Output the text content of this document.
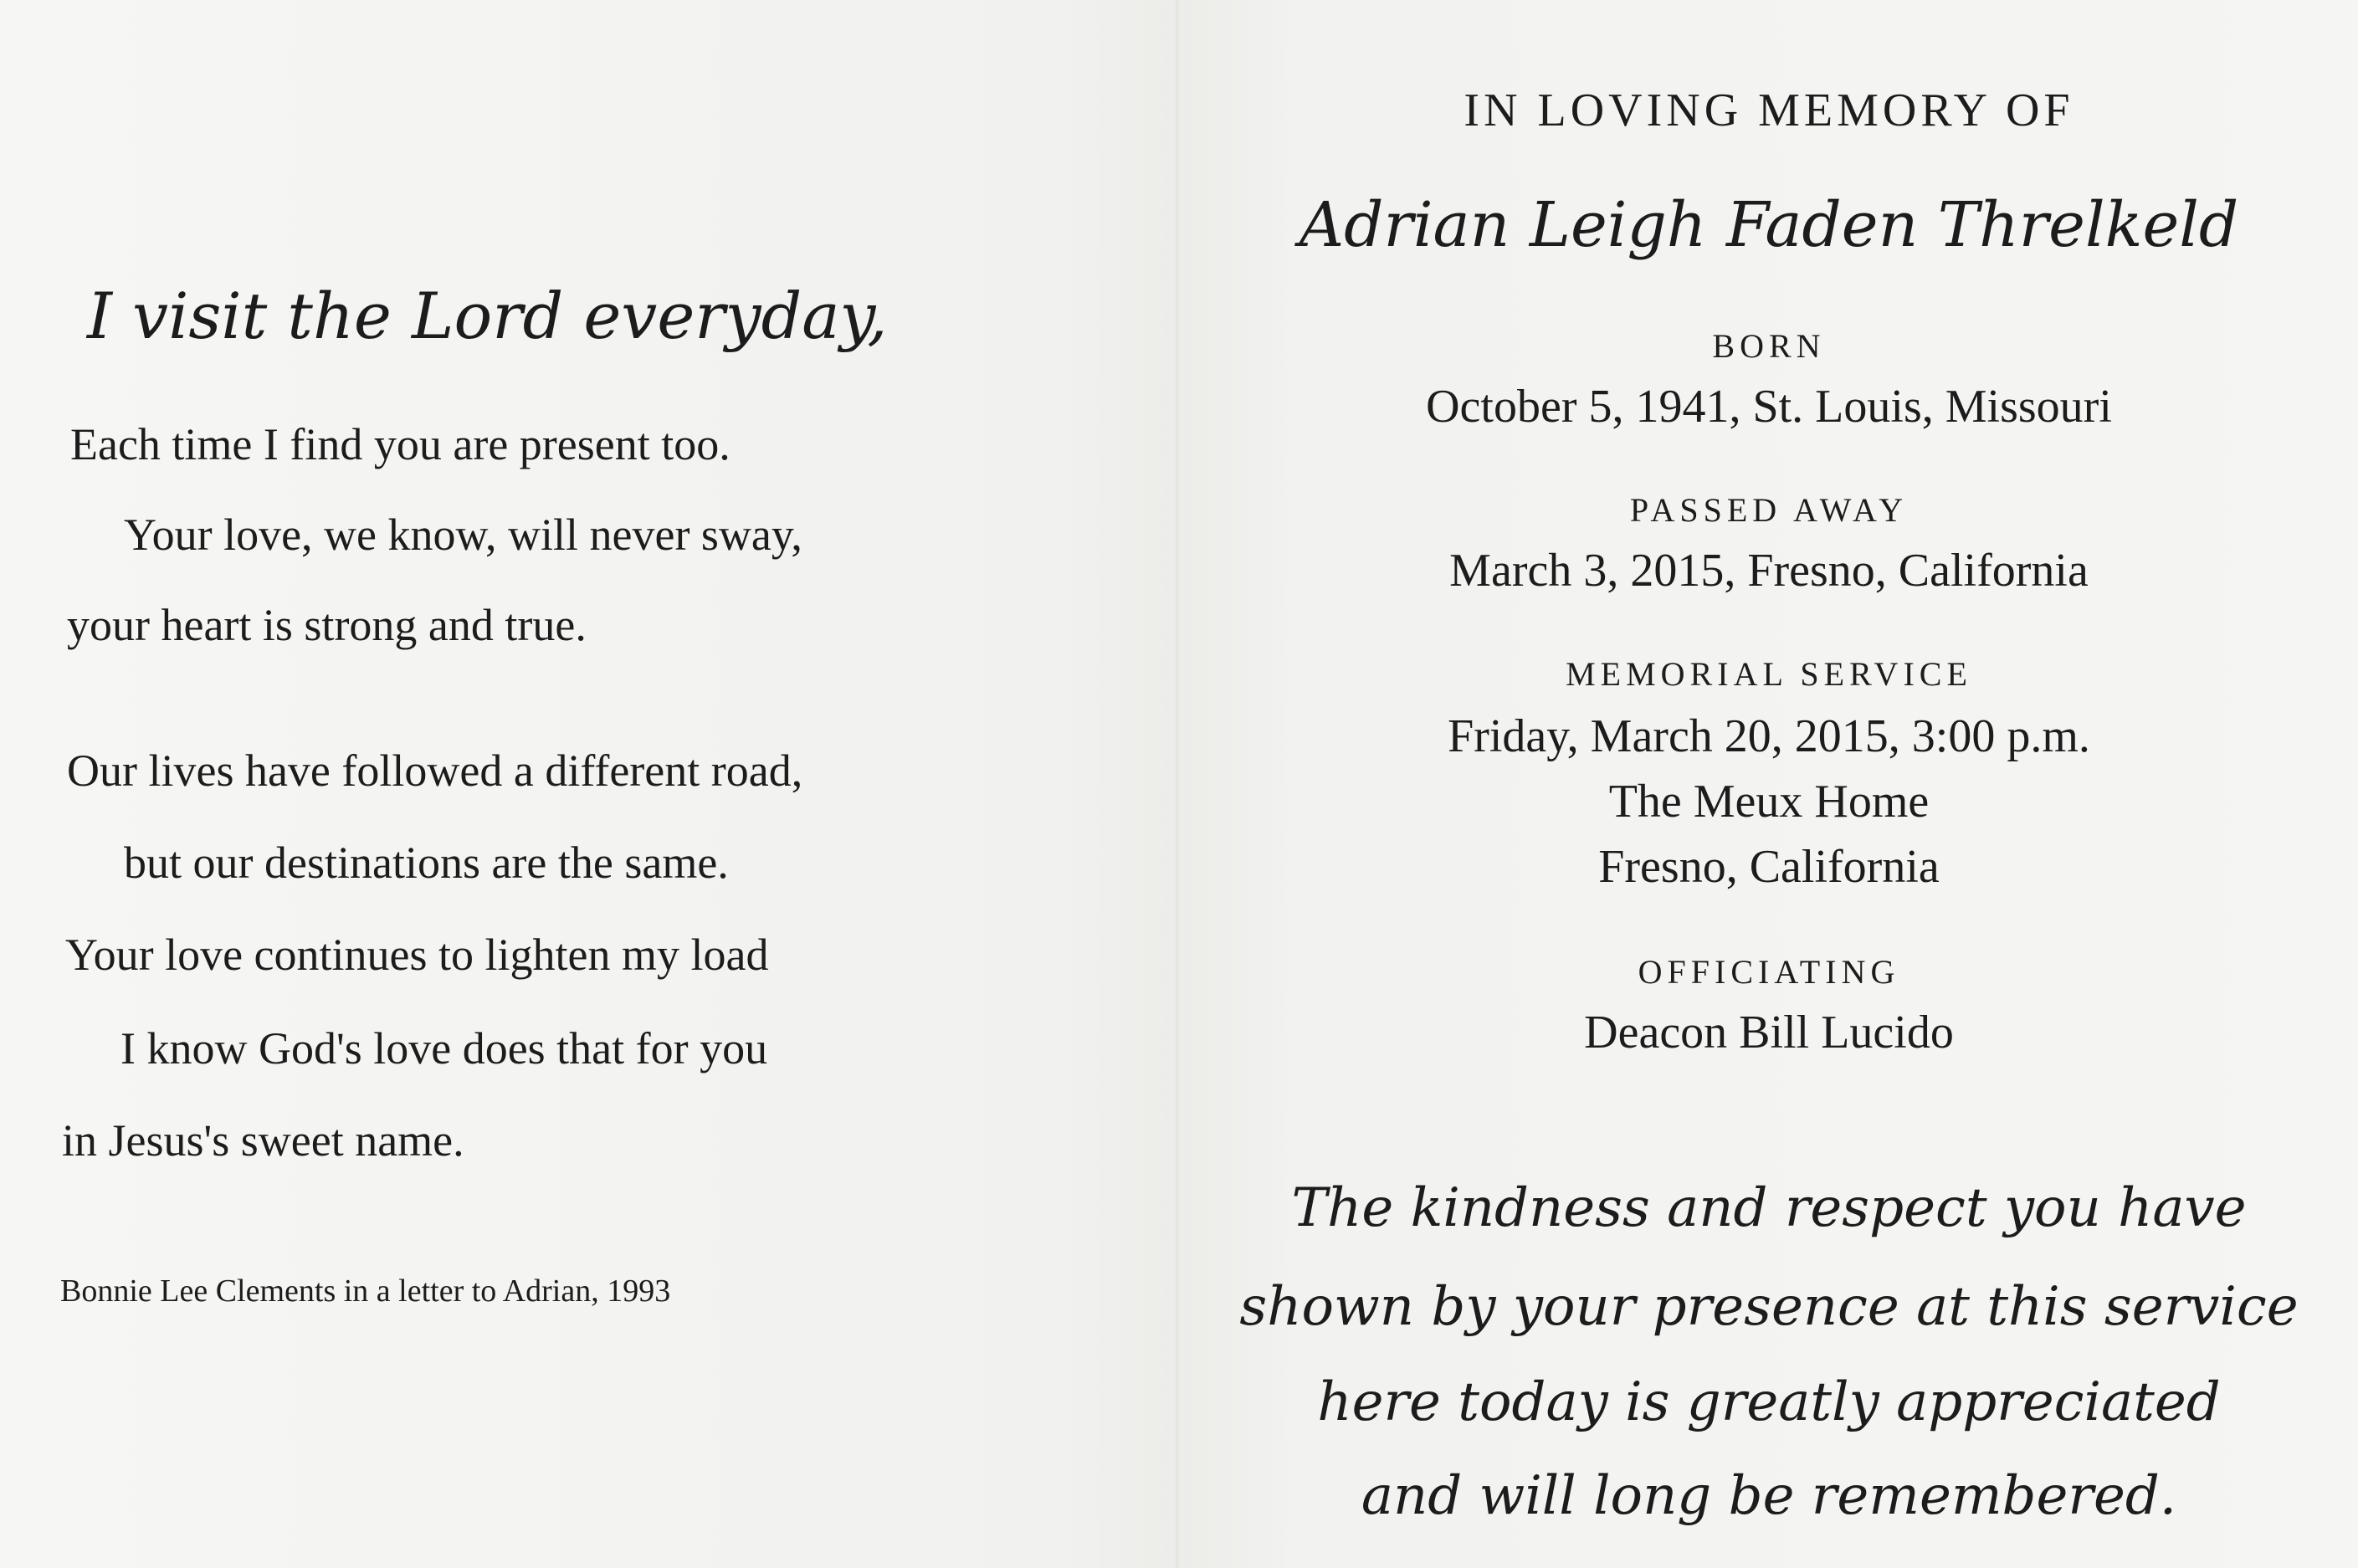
I visit the Lord everyday,
Each time I find you are present too.
Your love, we know, will never sway,
your heart is strong and true.
Our lives have followed a different road,
but our destinations are the same.
Your love continues to lighten my load
I know God's love does that for you
in Jesus's sweet name.
Bonnie Lee Clements in a letter to Adrian, 1993
IN LOVING MEMORY OF
Adrian Leigh Faden Threlkeld
BORN
October 5, 1941, St. Louis, Missouri
PASSED AWAY
March 3, 2015, Fresno, California
MEMORIAL SERVICE
Friday, March 20, 2015, 3:00 p.m.
The Meux Home
Fresno, California
OFFICIATING
Deacon Bill Lucido
The kindness and respect you have
shown by your presence at this service
here today is greatly appreciated
and will long be remembered.
